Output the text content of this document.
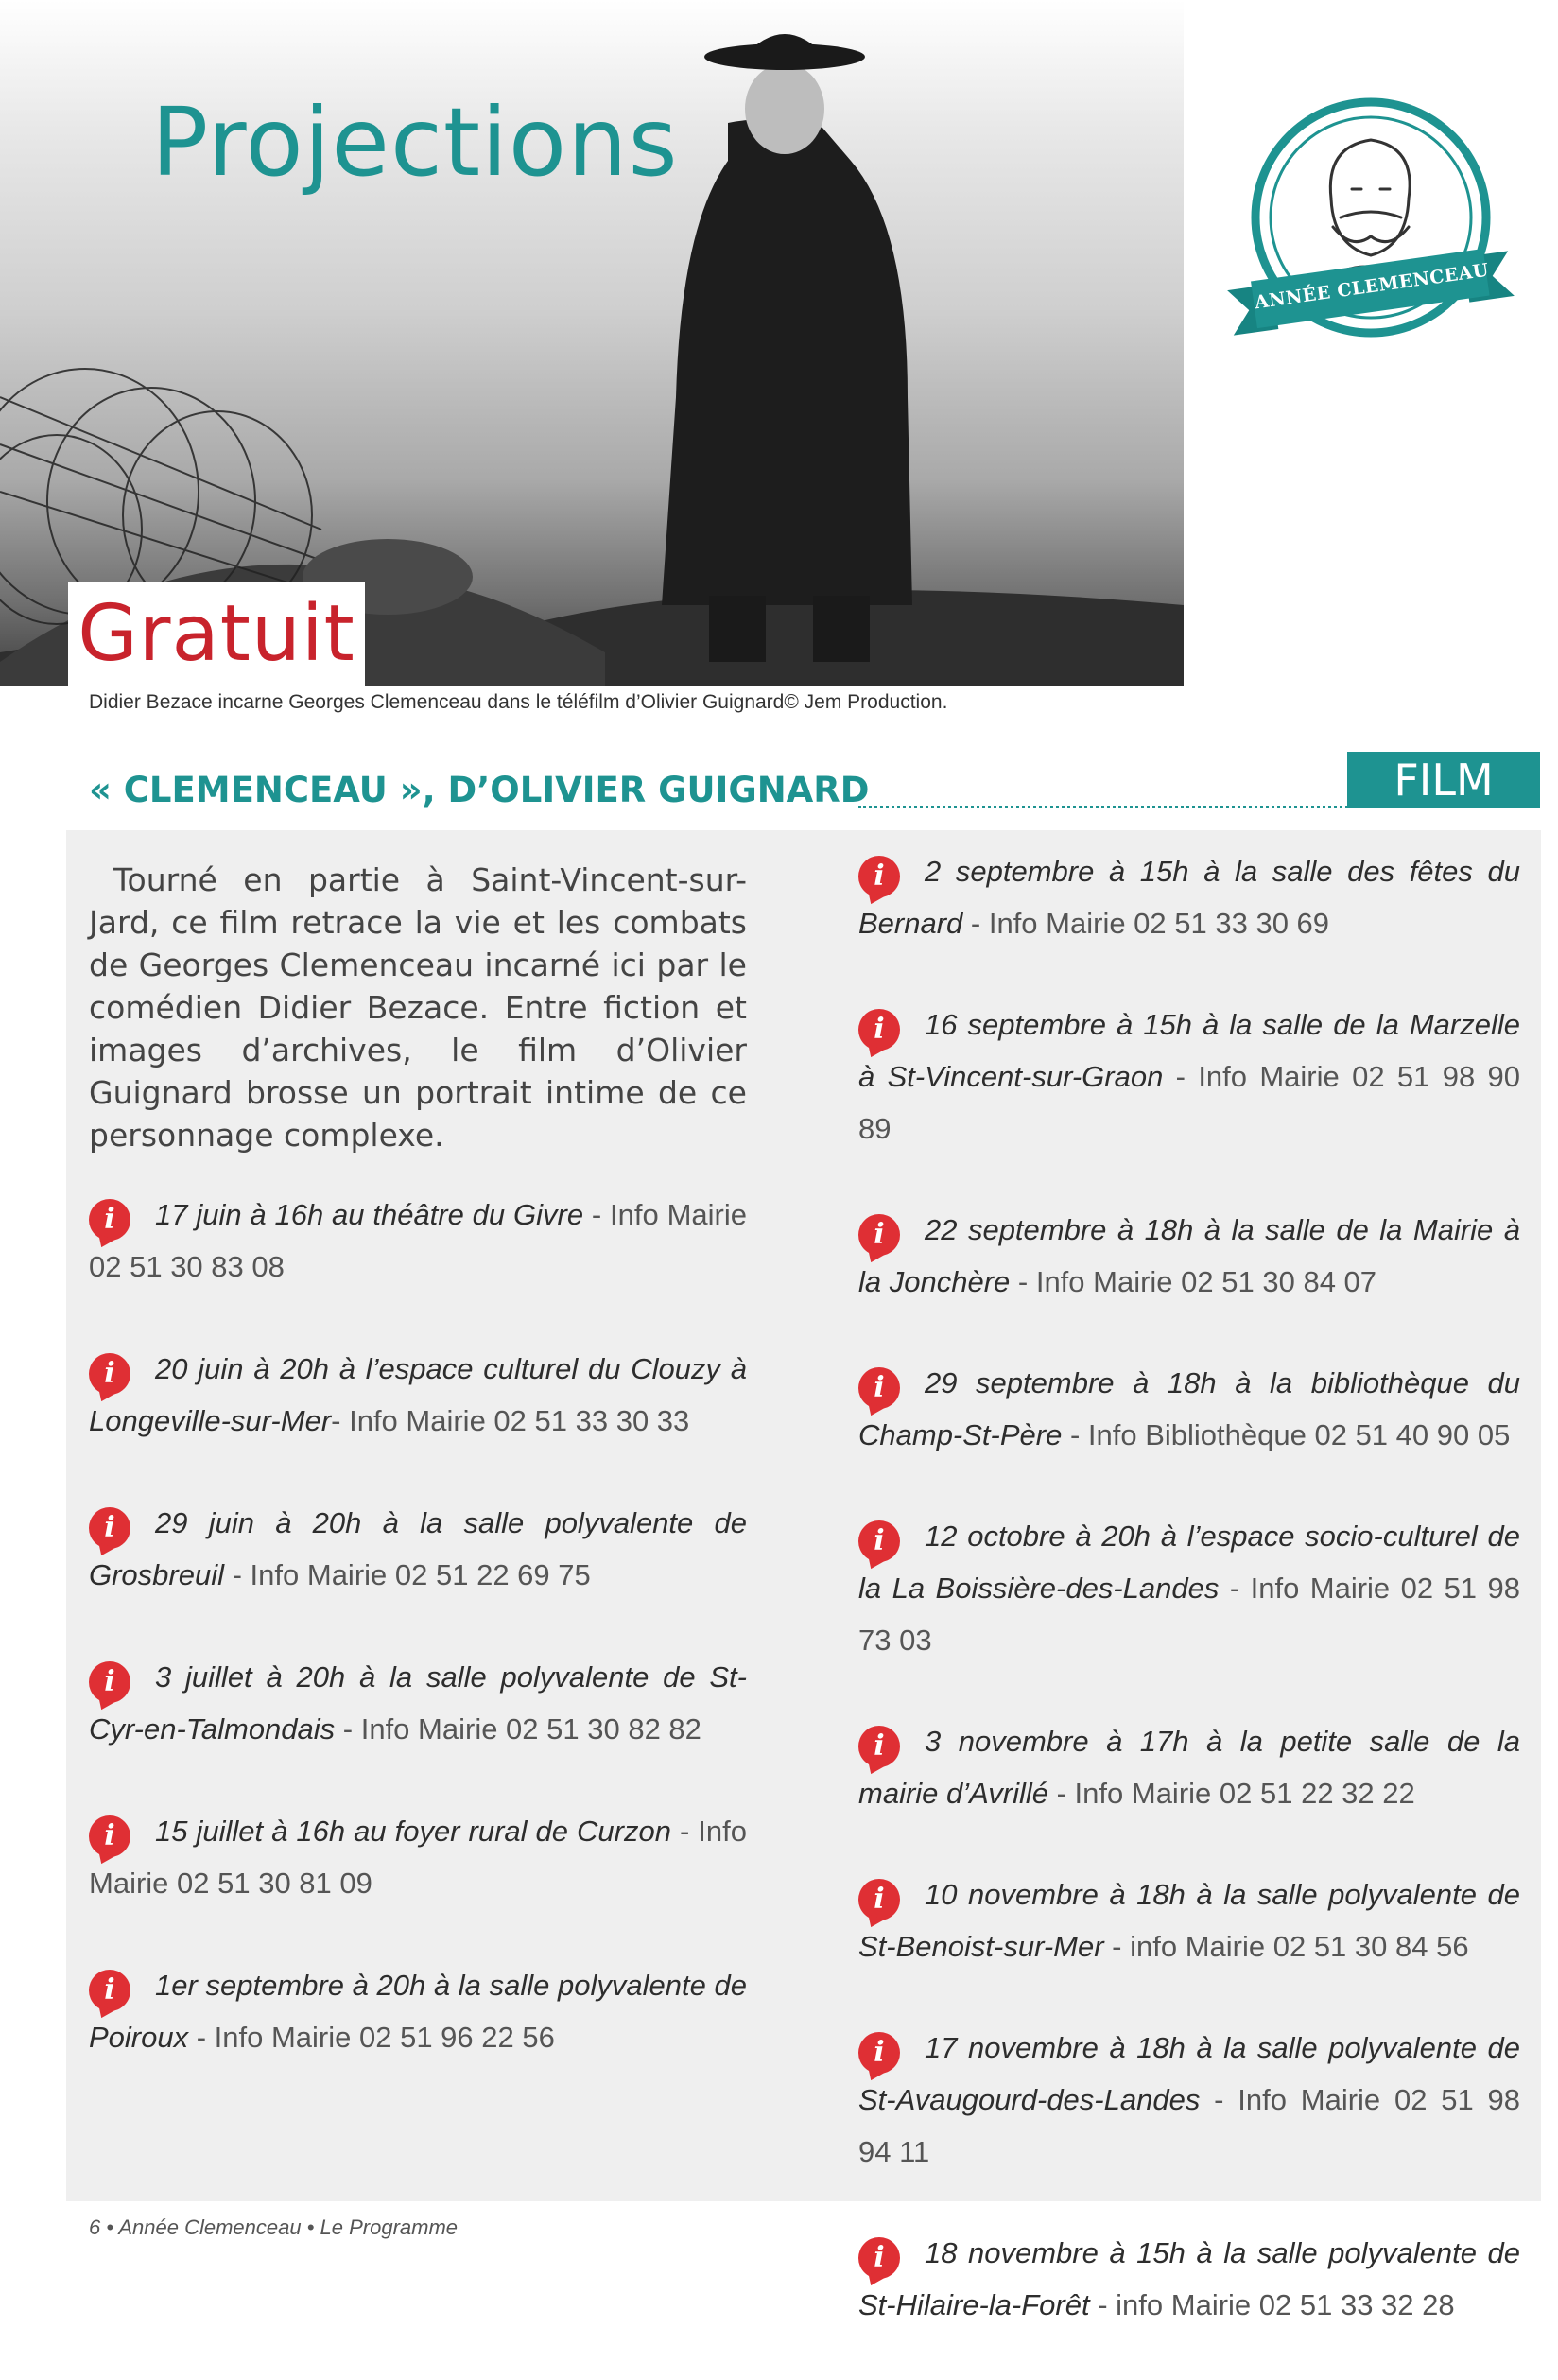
Projections
Gratuit
Didier Bezace incarne Georges Clemenceau dans le téléfilm d’Olivier Guignard© Jem Production.
ANNÉE CLEMENCEAU
« CLEMENCEAU », D’OLIVIER GUIGNARD	FILM

Tourné en partie à Saint-Vincent-sur-Jard, ce film retrace la vie et les combats de Georges Clemenceau incarné ici par le comédien Didier Bezace. Entre fiction et images d’archives, le film d’Olivier Guignard brosse un portrait intime de ce personnage complexe.

i 17 juin à 16h au théâtre du Givre - Info Mairie 02 51 30 83 08

i 20 juin à 20h à l’espace culturel du Clouzy à Longeville-sur-Mer- Info Mairie 02 51 33 30 33

i 29 juin à 20h à la salle polyvalente de Grosbreuil - Info Mairie 02 51 22 69 75

i 3 juillet à 20h à la salle polyvalente de St-Cyr-en-Talmondais - Info Mairie 02 51 30 82 82

i 15 juillet à 16h au foyer rural de Curzon - Info Mairie 02 51 30 81 09

i 1er septembre à 20h à la salle polyvalente de Poiroux - Info Mairie 02 51 96 22 56

i 2 septembre à 15h à la salle des fêtes du Bernard - Info Mairie 02 51 33 30 69

i 16 septembre à 15h à la salle de la Marzelle à St-Vincent-sur-Graon - Info Mairie 02 51 98 90 89

i 22 septembre à 18h à la salle de la Mairie à la Jonchère - Info Mairie 02 51 30 84 07

i 29 septembre à 18h à la bibliothèque du Champ-St-Père - Info Bibliothèque 02 51 40 90 05

i 12 octobre à 20h à l’espace socio-culturel de la La Boissière-des-Landes - Info Mairie 02 51 98 73 03

i 3 novembre à 17h à la petite salle de la mairie d’Avrillé - Info Mairie 02 51 22 32 22

i 10 novembre à 18h à la salle polyvalente de St-Benoist-sur-Mer - info Mairie 02 51 30 84 56

i 17 novembre à 18h à la salle polyvalente de St-Avaugourd-des-Landes - Info Mairie 02 51 98 94 11

i 18 novembre à 15h à la salle polyvalente de St-Hilaire-la-Forêt - info Mairie 02 51 33 32 28

6 • Année Clemenceau • Le Programme
